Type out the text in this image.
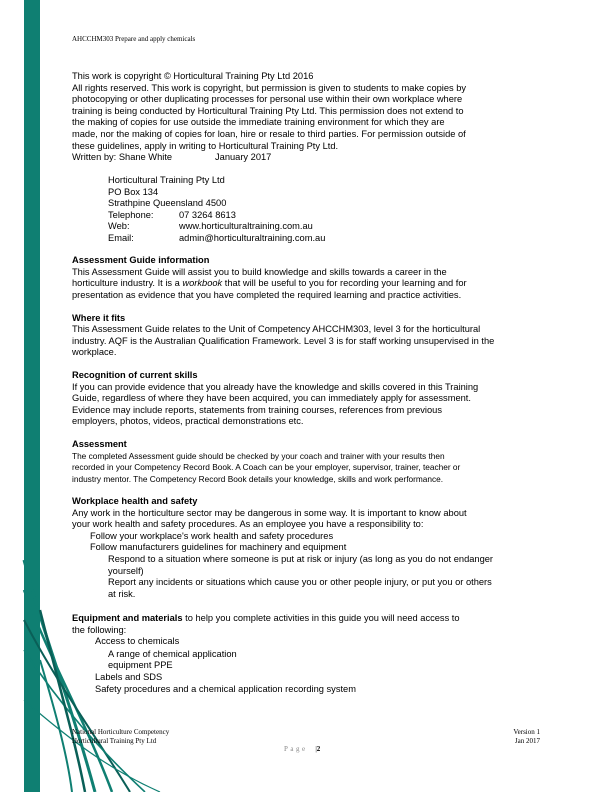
AHCCHM303 Prepare and apply chemicals

This work is copyright © Horticultural Training Pty Ltd 2016

All rights reserved. This work is copyright, but permission is given to students to make copies by

photocopying or other duplicating processes for personal use within their own workplace where

training is being conducted by Horticultural Training Pty Ltd. This permission does not extend to

the making of copies for use outside the immediate training environment for which they are

made, nor the making of copies for loan, hire or resale to third parties. For permission outside of

these guidelines, apply in writing to Horticultural Training Pty Ltd.

Written by: Shane White	January 2017

Horticultural Training Pty Ltd
PO Box 134
Strathpine Queensland 4500
Telephone:	07 3264 8613
Web:	www.horticulturaltraining.com.au
Email:	admin@horticulturaltraining.com.au
Assessment Guide information

This Assessment Guide will assist you to build knowledge and skills towards a career in the

horticulture industry. It is a workbook that will be useful to you for recording your learning and for

presentation as evidence that you have completed the required learning and practice activities.

Where it fits

This Assessment Guide relates to the Unit of Competency AHCCHM303, level 3 for the horticultural

industry. AQF is the Australian Qualification Framework. Level 3 is for staff working unsupervised in the

workplace.

Recognition of current skills

If you can provide evidence that you already have the knowledge and skills covered in this Training

Guide, regardless of where they have been acquired, you can immediately apply for assessment.

Evidence may include reports, statements from training courses, references from previous

employers, photos, videos, practical demonstrations etc.

Assessment

The completed Assessment guide should be checked by your coach and trainer with your results then

recorded in your Competency Record Book. A Coach can be your employer, supervisor, trainer, teacher or

industry mentor. The Competency Record Book details your knowledge, skills and work performance.

Workplace health and safety

Any work in the horticulture sector may be dangerous in some way. It is important to know about

your work health and safety procedures. As an employee you have a responsibility to:

Follow your workplace's work health and safety procedures

Follow manufacturers guidelines for machinery and equipment

Respond to a situation where someone is put at risk or injury (as long as you do not endanger

yourself)

Report any incidents or situations which cause you or other people injury, or put you or others

at risk.

Equipment and materials to help you complete activities in this guide you will need access to

the following:

Access to chemicals

A range of chemical application

equipment PPE

Labels and SDS

Safety procedures and a chemical application recording system

National Horticulture Competency
Horticultural Training Pty Ltd
Version 1
Jan 2017
Page |2
